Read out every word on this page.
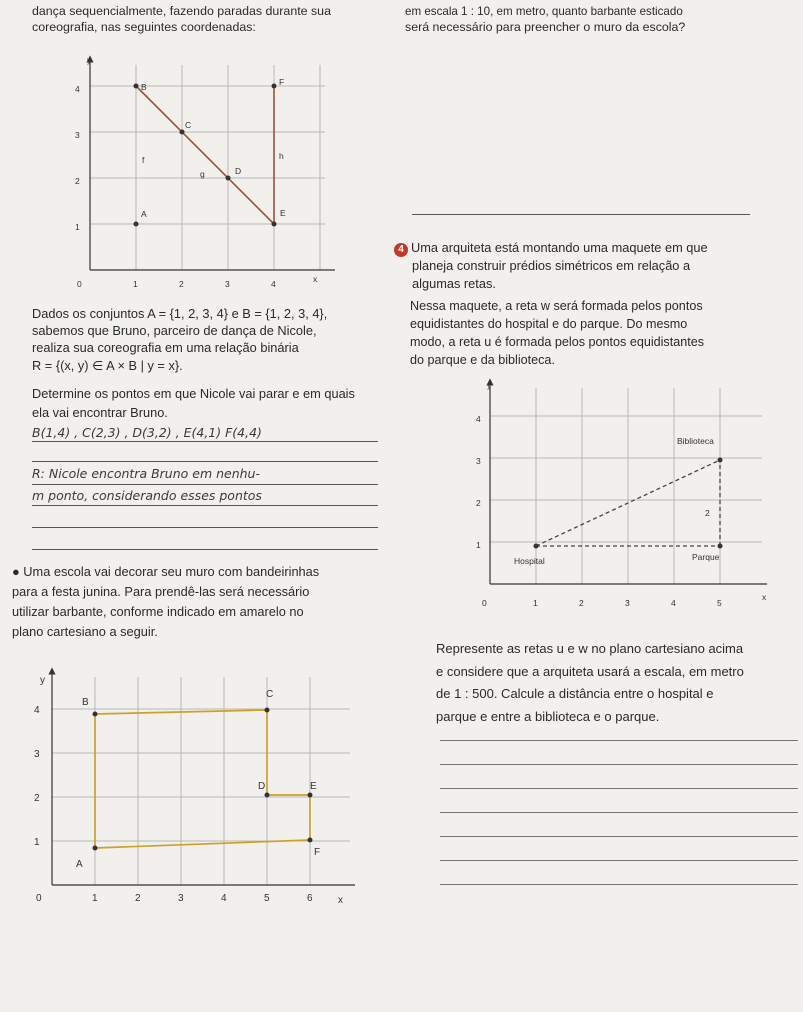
dança sequencialmente, fazendo paradas durante sua
coreografia, nas seguintes coordenadas:
em escala 1 : 10, em metro, quanto barbante esticado
será necessário para preencher o muro da escola?
y
x
0	1	2	3	4
1
2
3
4	B	F
C
f
g
h
D
A	E
Dados os conjuntos A = {1, 2, 3, 4} e B = {1, 2, 3, 4},
sabemos que Bruno, parceiro de dança de Nicole,
realiza sua coreografia em uma relação binária
R = {(x, y) ∈ A × B | y = x}.
Determine os pontos em que Nicole vai parar e em quais
ela vai encontrar Bruno.
B(1,4) , C(2,3) , D(3,2) , E(4,1) F(4,4)
R: Nicole encontra Bruno em nenhu-
m ponto, considerando esses pontos
● Uma escola vai decorar seu muro com bandeirinhas
para a festa junina. Para prendê-las será necessário
utilizar barbante, conforme indicado em amarelo no
plano cartesiano a seguir.
y
x
0	1	2	3	4	5	6
1
2
3
4
B
C
D	E
A
F
4 Uma arquiteta está montando uma maquete em que
planeja construir prédios simétricos em relação a
algumas retas.
Nessa maquete, a reta w será formada pelos pontos
equidistantes do hospital e do parque. Do mesmo
modo, a reta u é formada pelos pontos equidistantes
do parque e da biblioteca.
y
x
0	1	2	3	4	5
1
2
3
4
Biblioteca
Hospital	Parque
2
Represente as retas u e w no plano cartesiano acima
e considere que a arquiteta usará a escala, em metro
de 1 : 500. Calcule a distância entre o hospital e
parque e entre a biblioteca e o parque.
